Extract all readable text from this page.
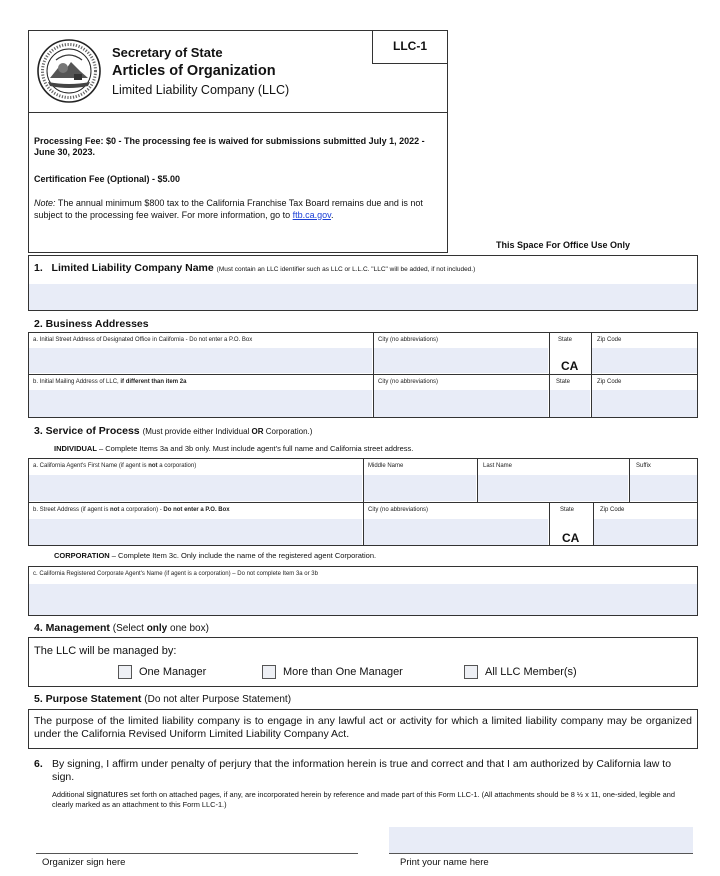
LLC-1
Secretary of State
Articles of Organization
Limited Liability Company (LLC)
Processing Fee: $0 - The processing fee is waived for submissions submitted July 1, 2022 - June 30, 2023.
Certification Fee (Optional) - $5.00
Note: The annual minimum $800 tax to the California Franchise Tax Board remains due and is not subject to the processing fee waiver. For more information, go to ftb.ca.gov.
This Space For Office Use Only
1. Limited Liability Company Name (Must contain an LLC identifier such as LLC or L.L.C. "LLC" will be added, if not included.)
2. Business Addresses
a. Initial Street Address of Designated Office in California - Do not enter a P.O. Box	City (no abbreviations)	State	Zip Code
CA
b. Initial Mailing Address of LLC, if different than item 2a	City (no abbreviations)	State	Zip Code
3. Service of Process (Must provide either Individual OR Corporation.)
INDIVIDUAL – Complete Items 3a and 3b only. Must include agent's full name and California street address.
a. California Agent's First Name (if agent is not a corporation)	Middle Name	Last Name	Suffix
b. Street Address (if agent is not a corporation) - Do not enter a P.O. Box	City (no abbreviations)	State	Zip Code
CA
CORPORATION – Complete Item 3c. Only include the name of the registered agent Corporation.
c. California Registered Corporate Agent's Name (if agent is a corporation) – Do not complete Item 3a or 3b
4. Management (Select only one box)
The LLC will be managed by:
One Manager	More than One Manager	All LLC Member(s)
5. Purpose Statement (Do not alter Purpose Statement)
The purpose of the limited liability company is to engage in any lawful act or activity for which a limited liability company may be organized under the California Revised Uniform Limited Liability Company Act.
6. By signing, I affirm under penalty of perjury that the information herein is true and correct and that I am authorized by California law to sign.
Additional signatures set forth on attached pages, if any, are incorporated herein by reference and made part of this Form LLC-1. (All attachments should be 8 ½ x 11, one-sided, legible and clearly marked as an attachment to this Form LLC-1.)
Organizer sign here	Print your name here
